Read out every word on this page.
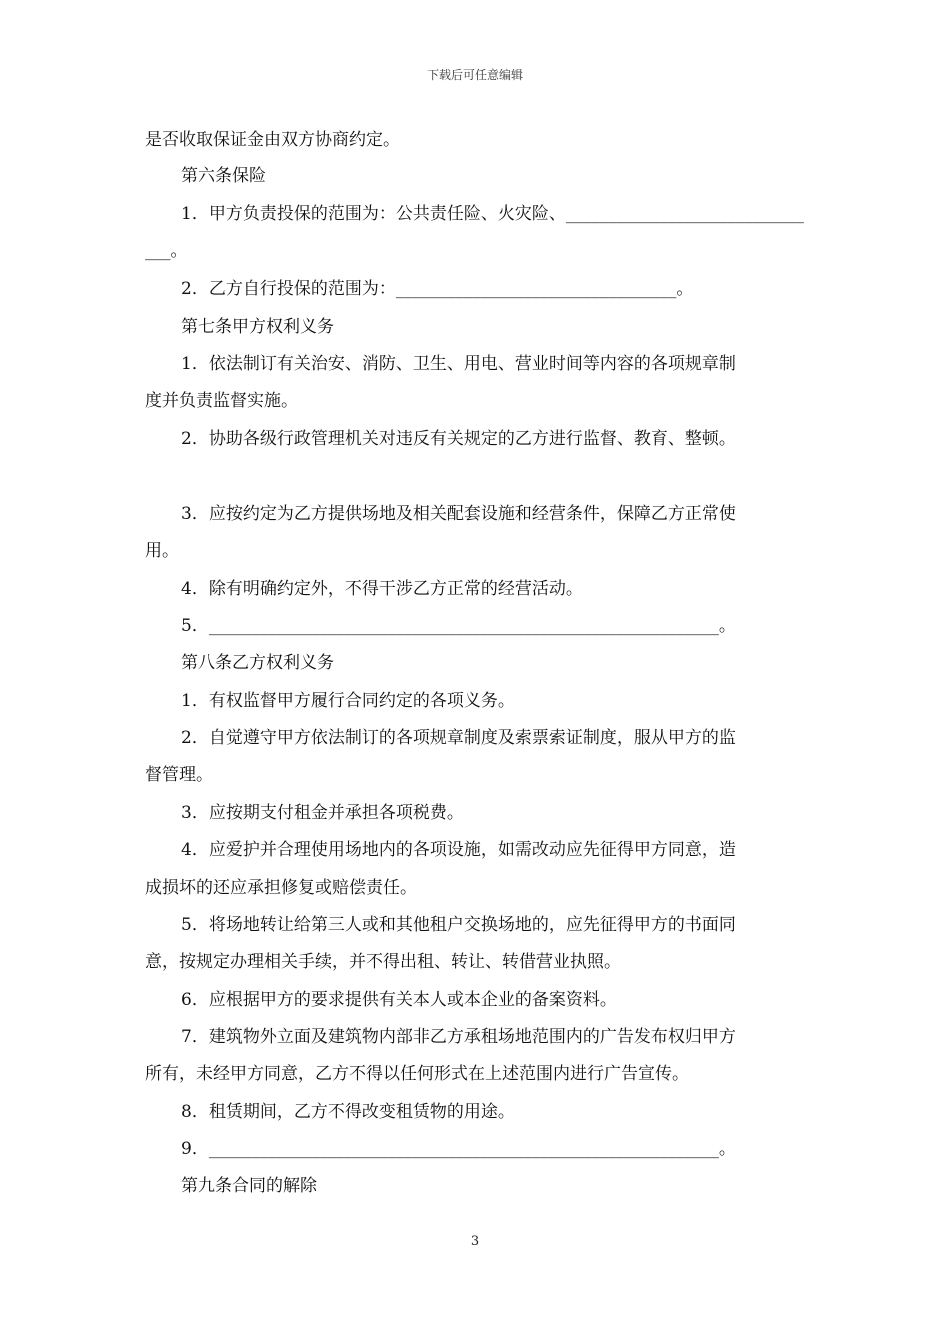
下载后可任意编辑
是否收取保证金由双方协商约定。
第六条保险
1．甲方负责投保的范围为：公共责任险、火灾险、____________________________
___。
2．乙方自行投保的范围为：_________________________________。
第七条甲方权利义务
1．依法制订有关治安、消防、卫生、用电、营业时间等内容的各项规章制
度并负责监督实施。
2．协助各级行政管理机关对违反有关规定的乙方进行监督、教育、整顿。
3．应按约定为乙方提供场地及相关配套设施和经营条件，保障乙方正常使
用。
4．除有明确约定外，不得干涉乙方正常的经营活动。
5．____________________________________________________________。
第八条乙方权利义务
1．有权监督甲方履行合同约定的各项义务。
2．自觉遵守甲方依法制订的各项规章制度及索票索证制度，服从甲方的监
督管理。
3．应按期支付租金并承担各项税费。
4．应爱护并合理使用场地内的各项设施，如需改动应先征得甲方同意，造
成损坏的还应承担修复或赔偿责任。
5．将场地转让给第三人或和其他租户交换场地的，应先征得甲方的书面同
意，按规定办理相关手续，并不得出租、转让、转借营业执照。
6．应根据甲方的要求提供有关本人或本企业的备案资料。
7．建筑物外立面及建筑物内部非乙方承租场地范围内的广告发布权归甲方
所有，未经甲方同意，乙方不得以任何形式在上述范围内进行广告宣传。
8．租赁期间，乙方不得改变租赁物的用途。
9．____________________________________________________________。
第九条合同的解除
3
